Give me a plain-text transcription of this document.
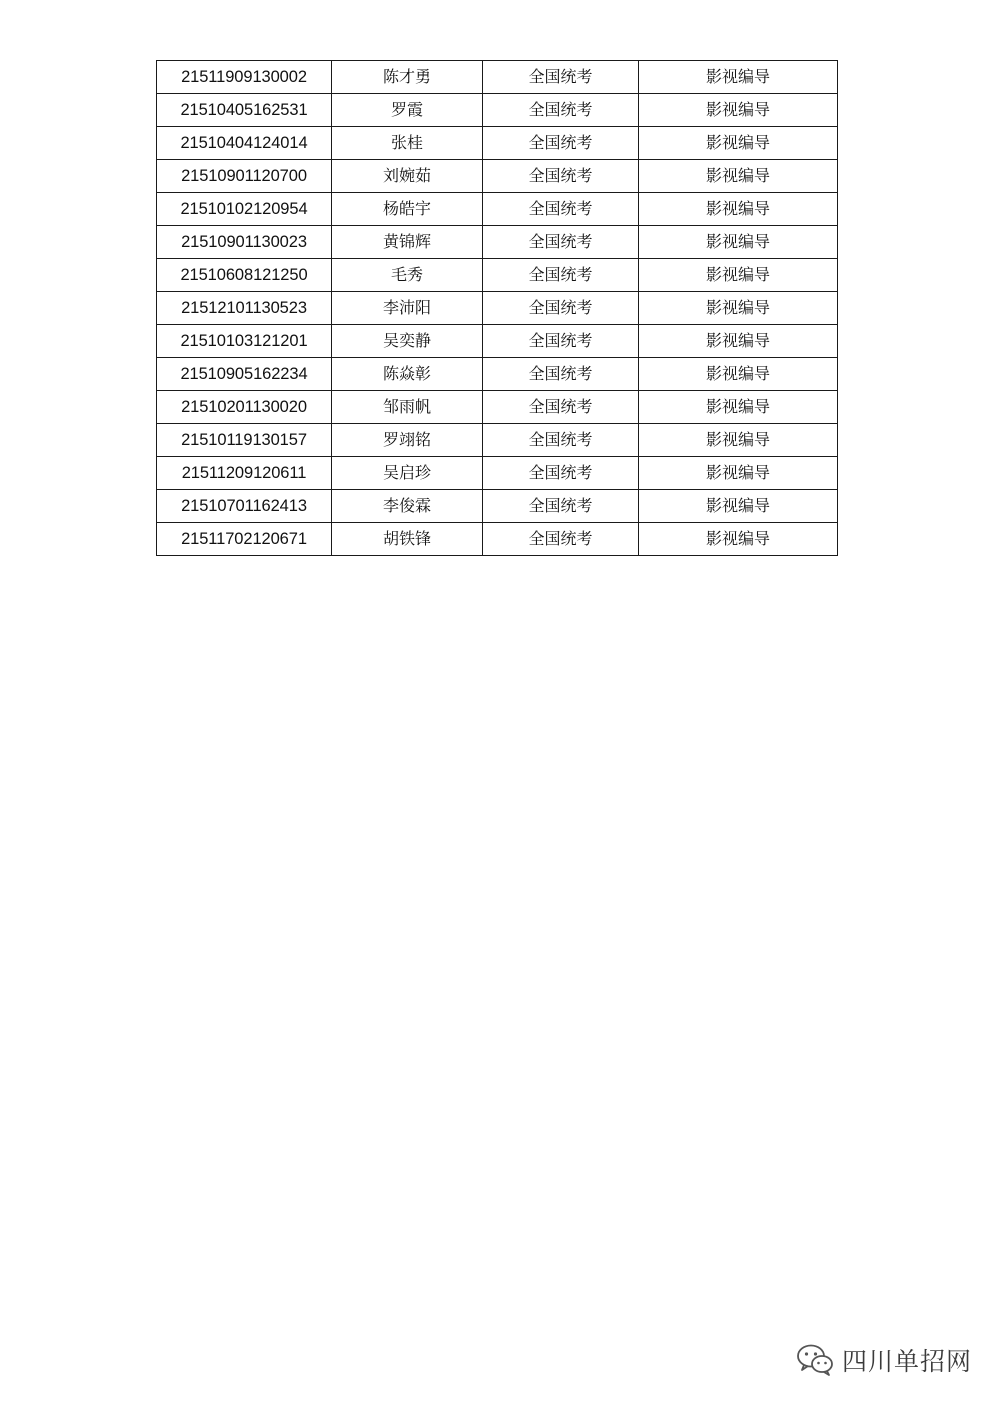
21511909130002	陈才勇	全国统考	影视编导
21510405162531	罗霞	全国统考	影视编导
21510404124014	张桂	全国统考	影视编导
21510901120700	刘婉茹	全国统考	影视编导
21510102120954	杨皓宇	全国统考	影视编导
21510901130023	黄锦辉	全国统考	影视编导
21510608121250	毛秀	全国统考	影视编导
21512101130523	李沛阳	全国统考	影视编导
21510103121201	吴奕静	全国统考	影视编导
21510905162234	陈焱彰	全国统考	影视编导
21510201130020	邹雨帆	全国统考	影视编导
21510119130157	罗翊铭	全国统考	影视编导
21511209120611	吴启珍	全国统考	影视编导
21510701162413	李俊霖	全国统考	影视编导
21511702120671	胡铁锋	全国统考	影视编导
四川单招网
